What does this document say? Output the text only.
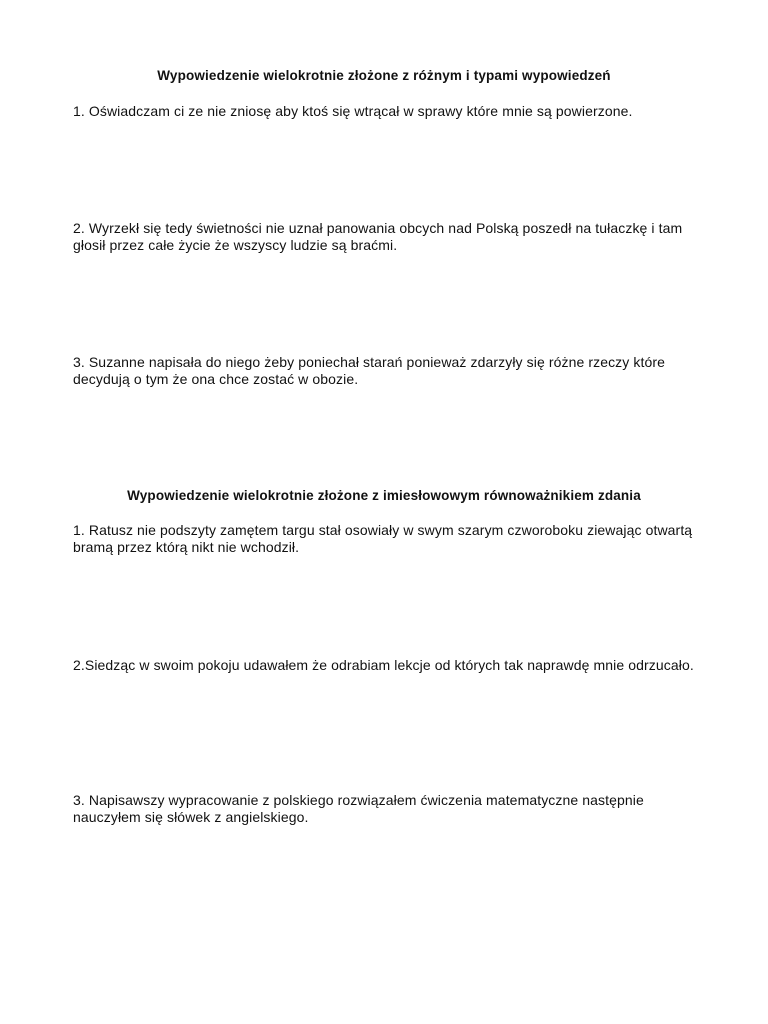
Wypowiedzenie wielokrotnie złożone z różnym i typami wypowiedzeń
1. Oświadczam ci ze nie zniosę aby ktoś się wtrącał w sprawy które mnie są powierzone.
2. Wyrzekł się tedy świetności nie uznał panowania obcych nad Polską poszedł na tułaczkę i tam głosił przez całe życie że wszyscy ludzie są braćmi.
3. Suzanne napisała do niego żeby poniechał starań ponieważ zdarzyły się różne rzeczy które decydują o tym że ona chce zostać w obozie.
Wypowiedzenie wielokrotnie złożone z imiesłowowym równoważnikiem zdania
1. Ratusz nie podszyty zamętem targu stał osowiały w swym szarym czworoboku ziewając otwartą bramą przez którą nikt nie wchodził.
2.Siedząc w swoim pokoju udawałem że odrabiam lekcje od których tak naprawdę mnie odrzucało.
3. Napisawszy wypracowanie z polskiego rozwiązałem ćwiczenia matematyczne następnie nauczyłem się słówek z angielskiego.
